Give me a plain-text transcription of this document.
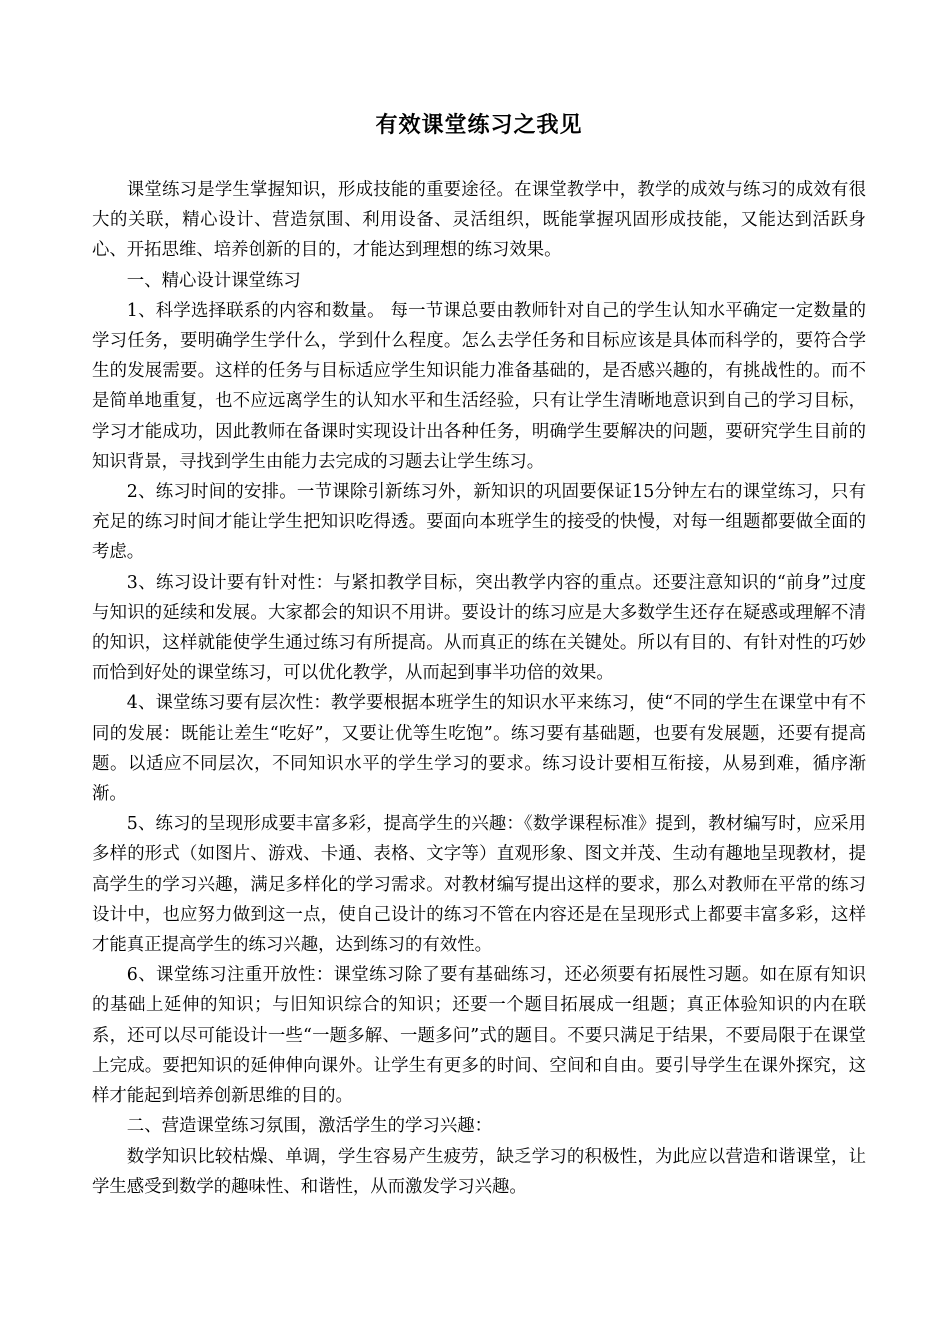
有效课堂练习之我见

课堂练习是学生掌握知识，形成技能的重要途径。在课堂教学中，教学的成效与练习的成效有很大的关联，精心设计、营造氛围、利用设备、灵活组织，既能掌握巩固形成技能，又能达到活跃身心、开拓思维、培养创新的目的，才能达到理想的练习效果。

一、精心设计课堂练习

1、科学选择联系的内容和数量。 每一节课总要由教师针对自己的学生认知水平确定一定数量的学习任务，要明确学生学什么，学到什么程度。怎么去学任务和目标应该是具体而科学的，要符合学生的发展需要。这样的任务与目标适应学生知识能力准备基础的，是否感兴趣的，有挑战性的。而不是简单地重复，也不应远离学生的认知水平和生活经验，只有让学生清晰地意识到自己的学习目标，学习才能成功，因此教师在备课时实现设计出各种任务，明确学生要解决的问题，要研究学生目前的知识背景，寻找到学生由能力去完成的习题去让学生练习。

2、练习时间的安排。一节课除引新练习外，新知识的巩固要保证15分钟左右的课堂练习，只有充足的练习时间才能让学生把知识吃得透。要面向本班学生的接受的快慢，对每一组题都要做全面的考虑。

3、练习设计要有针对性：与紧扣教学目标，突出教学内容的重点。还要注意知识的“前身”过度与知识的延续和发展。大家都会的知识不用讲。要设计的练习应是大多数学生还存在疑惑或理解不清的知识，这样就能使学生通过练习有所提高。从而真正的练在关键处。所以有目的、有针对性的巧妙而恰到好处的课堂练习，可以优化教学，从而起到事半功倍的效果。

4、课堂练习要有层次性：教学要根据本班学生的知识水平来练习，使“不同的学生在课堂中有不同的发展：既能让差生“吃好”，又要让优等生吃饱”。练习要有基础题，也要有发展题，还要有提高题。以适应不同层次，不同知识水平的学生学习的要求。练习设计要相互衔接，从易到难，循序渐渐。

5、练习的呈现形成要丰富多彩，提高学生的兴趣：《数学课程标准》提到，教材编写时，应采用多样的形式（如图片、游戏、卡通、表格、文字等）直观形象、图文并茂、生动有趣地呈现教材，提高学生的学习兴趣，满足多样化的学习需求。对教材编写提出这样的要求，那么对教师在平常的练习设计中，也应努力做到这一点，使自己设计的练习不管在内容还是在呈现形式上都要丰富多彩，这样才能真正提高学生的练习兴趣，达到练习的有效性。

6、课堂练习注重开放性：课堂练习除了要有基础练习，还必须要有拓展性习题。如在原有知识的基础上延伸的知识；与旧知识综合的知识；还要一个题目拓展成一组题；真正体验知识的内在联系，还可以尽可能设计一些“一题多解、一题多问”式的题目。不要只满足于结果，不要局限于在课堂上完成。要把知识的延伸伸向课外。让学生有更多的时间、空间和自由。要引导学生在课外探究，这样才能起到培养创新思维的目的。

二、营造课堂练习氛围，激活学生的学习兴趣：

数学知识比较枯燥、单调，学生容易产生疲劳，缺乏学习的积极性，为此应以营造和谐课堂，让学生感受到数学的趣味性、和谐性，从而激发学习兴趣。
